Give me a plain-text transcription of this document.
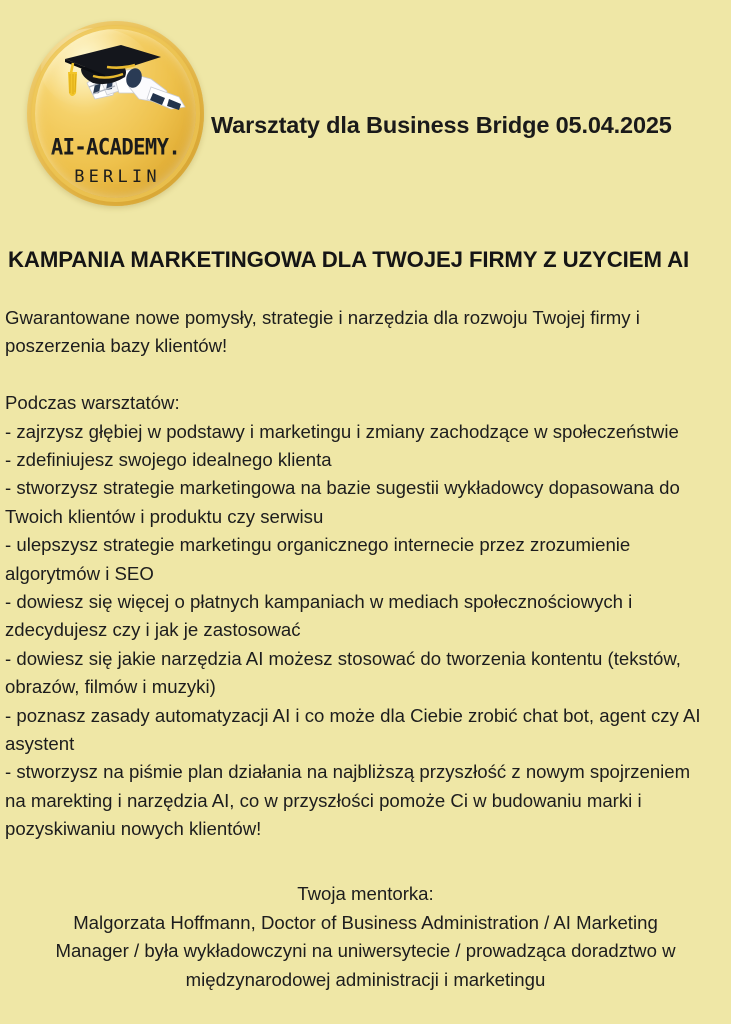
AI-ACADEMY.
BERLIN
Warsztaty dla Business Bridge 05.04.2025
KAMPANIA MARKETINGOWA DLA TWOJEJ FIRMY Z UZYCIEM AI

Gwarantowane nowe pomysły, strategie i narzędzia dla rozwoju Twojej firmy i poszerzenia bazy klientów!

Podczas warsztatów:

- zajrzysz głębiej w podstawy i marketingu i zmiany zachodzące w społeczeństwie

- zdefiniujesz swojego idealnego klienta

- stworzysz strategie marketingowa na bazie sugestii wykładowcy dopasowana do Twoich klientów i produktu czy serwisu

- ulepszysz strategie marketingu organicznego internecie przez zrozumienie algorytmów i SEO

- dowiesz się więcej o płatnych kampaniach w mediach społecznościowych i zdecydujesz czy i jak je zastosować

- dowiesz się jakie narzędzia AI możesz stosować do tworzenia kontentu (tekstów, obrazów, filmów i muzyki)

- poznasz zasady automatyzacji AI i co może dla Ciebie zrobić chat bot, agent czy AI asystent

- stworzysz na piśmie plan działania na najbliższą przyszłość z nowym spojrzeniem na marekting i narzędzia AI, co w przyszłości pomoże Ci w budowaniu marki i pozyskiwaniu nowych klientów!

Twoja mentorka:

Malgorzata Hoffmann, Doctor of Business Administration / AI Marketing

Manager / była wykładowczyni na uniwersytecie / prowadząca doradztwo w

międzynarodowej administracji i marketingu
